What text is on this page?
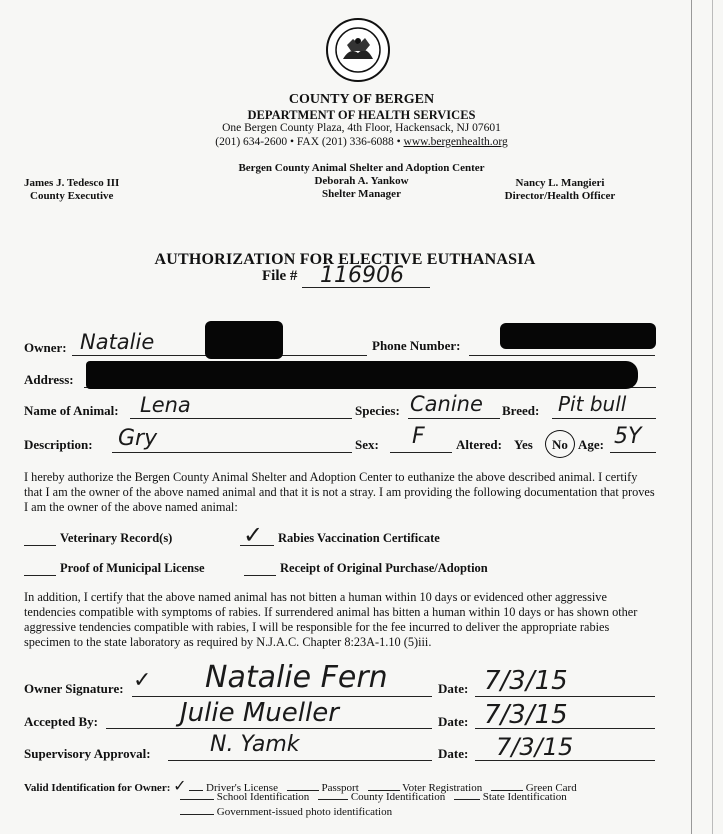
COUNTY OF BERGEN
DEPARTMENT OF HEALTH SERVICES
One Bergen County Plaza, 4th Floor, Hackensack, NJ 07601
(201) 634-2600 • FAX (201) 336-6088 • www.bergenhealth.org
Bergen County Animal Shelter and Adoption Center
Deborah A. Yankow
Shelter Manager
James J. Tedesco III
County Executive
Nancy L. Mangieri
Director/Health Officer
AUTHORIZATION FOR ELECTIVE EUTHANASIA
File # 116906
Owner: Natalie	Phone Number:
Address:
Name of Animal: Lena	Species: Canine Breed: Pit bull
Description: Gry	Sex: F Altered: Yes No Age: 5Y
I hereby authorize the Bergen County Animal Shelter and Adoption Center to euthanize the above described animal. I certify that I am the owner of the above named animal and that it is not a stray. I am providing the following documentation that proves I am the owner of the above named animal:
Veterinary Record(s)	✓ Rabies Vaccination Certificate
Proof of Municipal License	Receipt of Original Purchase/Adoption
In addition, I certify that the above named animal has not bitten a human within 10 days or evidenced other aggressive tendencies compatible with symptoms of rabies. If surrendered animal has bitten a human within 10 days or has shown other aggressive tendencies compatible with rabies, I will be responsible for the fee incurred to deliver the appropriate rabies specimen to the state laboratory as required by N.J.A.C. Chapter 8:23A-1.10 (5)iii.
Owner Signature: ✓ Natalie Fern	Date: 7/3/15
Accepted By:	Julie Mueller	Date: 7/3/15
Supervisory Approval:	N. Yamk	Date: 7/3/15
Valid Identification for Owner: ✓ Driver's License	Passport	Voter Registration	Green Card
School Identification	County Identification	State Identification
Government-issued photo identification
